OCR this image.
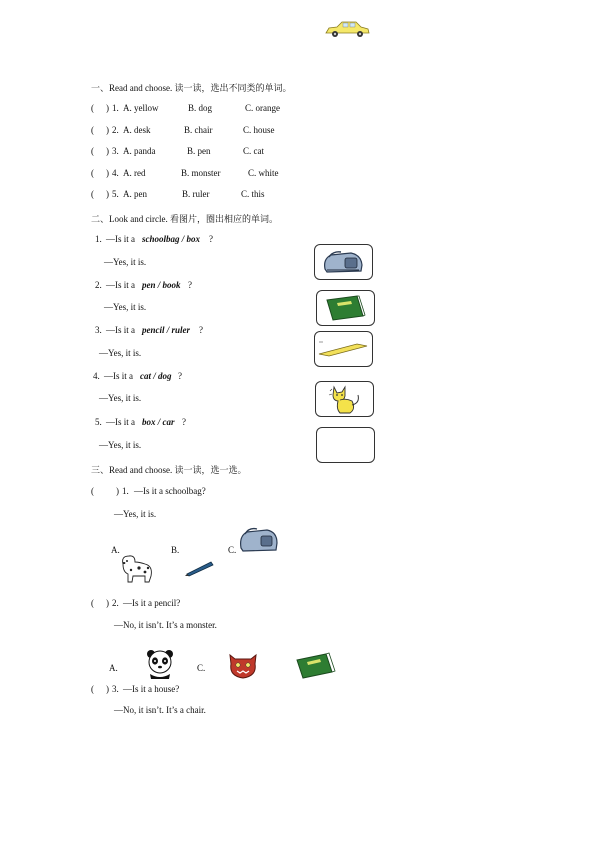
一、Read and choose. 读一读，选出不同类的单词。
( ) 1. A. yellow	B. dog	C. orange
( ) 2. A. desk	B. chair	C. house
( ) 3. A. panda	B. pen	C. cat
( ) 4. A. red	B. monster	C. white
( ) 5. A. pen	B. ruler	C. this
二、Look and circle. 看图片，圈出相应的单词。
1. —Is it a schoolbag / box ?
—Yes, it is.
2. —Is it a pen / book ?
—Yes, it is.
3. —Is it a pencil / ruler ?
—Yes, it is.
4. —Is it a cat / dog ?
—Yes, it is.
5. —Is it a box / car ?
—Yes, it is.
三、Read and choose. 读一读，选一选。
( ) 1. —Is it a schoolbag?
—Yes, it is.
A.	B.	C.
( ) 2. —Is it a pencil?
—No, it isn’t. It’s a monster.
A.	C.
( ) 3. —Is it a house?
—No, it isn’t. It’s a chair.
